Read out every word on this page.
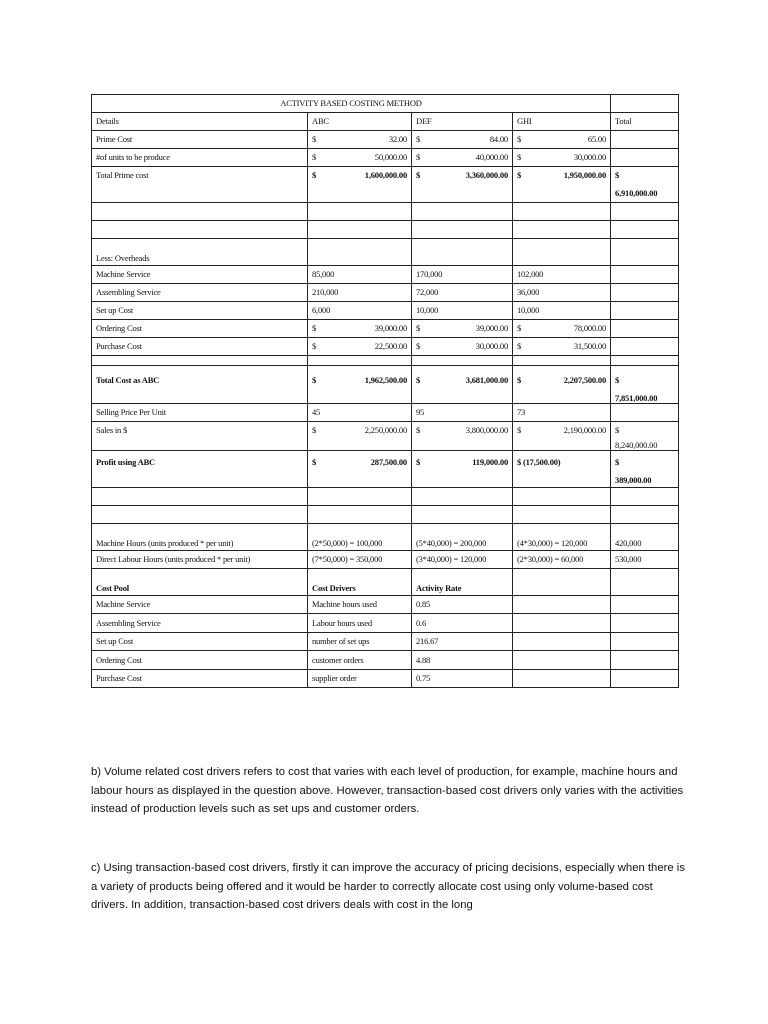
ACTIVITY BASED COSTING METHOD				
Details	ABC	DEF	GHI	Total
Prime Cost	$ 32.00	$ 84.00	$ 65.00	

#of units to be produce	$ 50,000.00	$ 40,000.00	$ 30,000.00	

Total Prime cost	$ 1,600,000.00	$ 3,360,000.00	$ 1,950,000.00	$
6,910,000.00

Less: Overheads				
Machine Service	85,000	170,000	102,000	
Assembling Service	210,000	72,000	36,000	
Set up Cost	6,000	10,000	10,000	
Ordering Cost	$ 39,000.00	$ 39,000.00	$ 78,000.00	

Purchase Cost	$ 22,500.00	$ 30,000.00	$ 31,500.00	

Total Cost as ABC	$ 1,962,500.00	$ 3,681,000.00	$ 2,207,500.00	$
7,851,000.00

Selling Price Per Unit	45	95	73	
Sales in $	$ 2,250,000.00	$ 3,800,000.00	$ 2,190,000.00	$
8,240,000.00

Profit using ABC	$ 287,500.00	$ 119,000.00	$ (17,500.00)	$
389,000.00

Machine Hours (units produced * per unit)	(2*50,000) = 100,000	(5*40,000) = 200,000	(4*30,000) = 120,000	420,000
Direct Labour Hours (units produced * per unit)	(7*50,000) = 350,000	(3*40,000) = 120,000	(2*30,000) = 60,000	530,000
Cost Pool	Cost Drivers	Activity Rate		
Machine Service	Machine hours used	0.85		
Assembling Service	Labour hours used	0.6		
Set up Cost	number of set ups	216.67		
Ordering Cost	customer orders	4.88		
Purchase Cost	supplier order	0.75		

b) Volume related cost drivers refers to cost that varies with each level of production, for example, machine hours and labour hours as displayed in the question above. However, transaction-based cost drivers only varies with the activities instead of production levels such as set ups and customer orders.

c) Using transaction-based cost drivers, firstly it can improve the accuracy of pricing decisions, especially when there is a variety of products being offered and it would be harder to correctly allocate cost using only volume-based cost drivers. In addition, transaction-based cost drivers deals with cost in the long
